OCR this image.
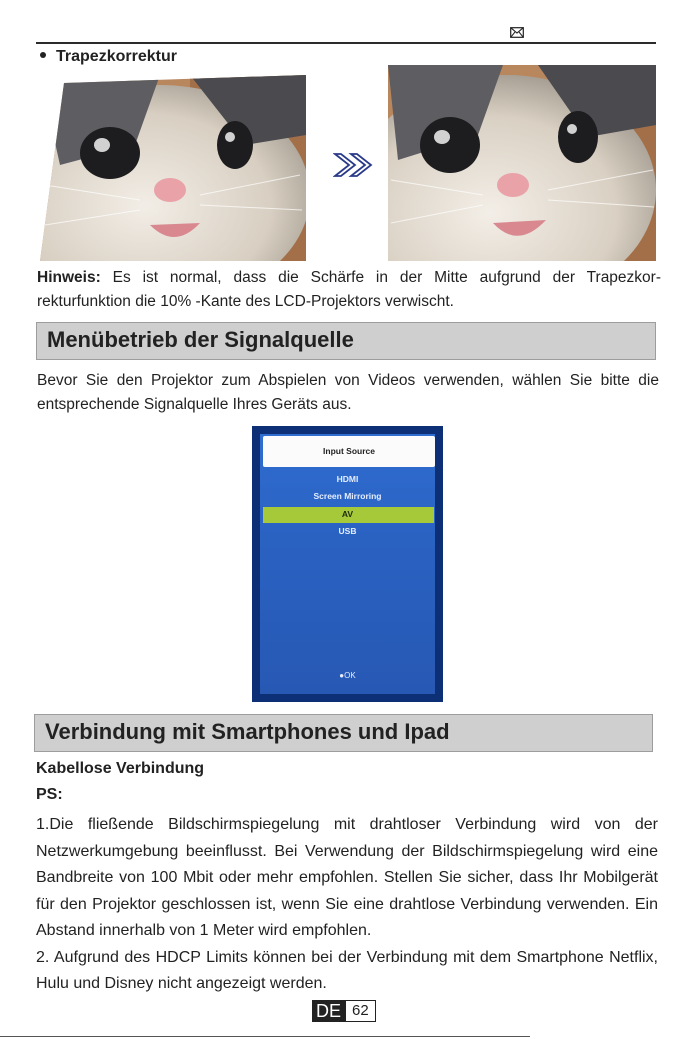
Trapezkorrektur
Hinweis: Es ist normal, dass die Schärfe in der Mitte aufgrund der Trapezkor-rekturfunktion die 10% -Kante des LCD-Projektors verwischt.
Menübetrieb der Signalquelle
Bevor Sie den Projektor zum Abspielen von Videos verwenden, wählen Sie bitte die entsprechende Signalquelle Ihres Geräts aus.
Input Source
HDMI
Screen Mirroring
AV
USB
●OK
Verbindung mit Smartphones und Ipad
Kabellose Verbindung
PS:

1.Die fließende Bildschirmspiegelung mit drahtloser Verbindung wird von der Netzwerkumgebung beeinflusst. Bei Verwendung der Bildschirmspiegelung wird eine Bandbreite von 100 Mbit oder mehr empfohlen. Stellen Sie sicher, dass Ihr Mobilgerät für den Projektor geschlossen ist, wenn Sie eine drahtlose Verbindung verwenden. Ein Abstand innerhalb von 1 Meter wird empfohlen.

2. Aufgrund des HDCP Limits können bei der Verbindung mit dem Smartphone Netflix, Hulu und Disney nicht angezeigt werden.

DE 62
